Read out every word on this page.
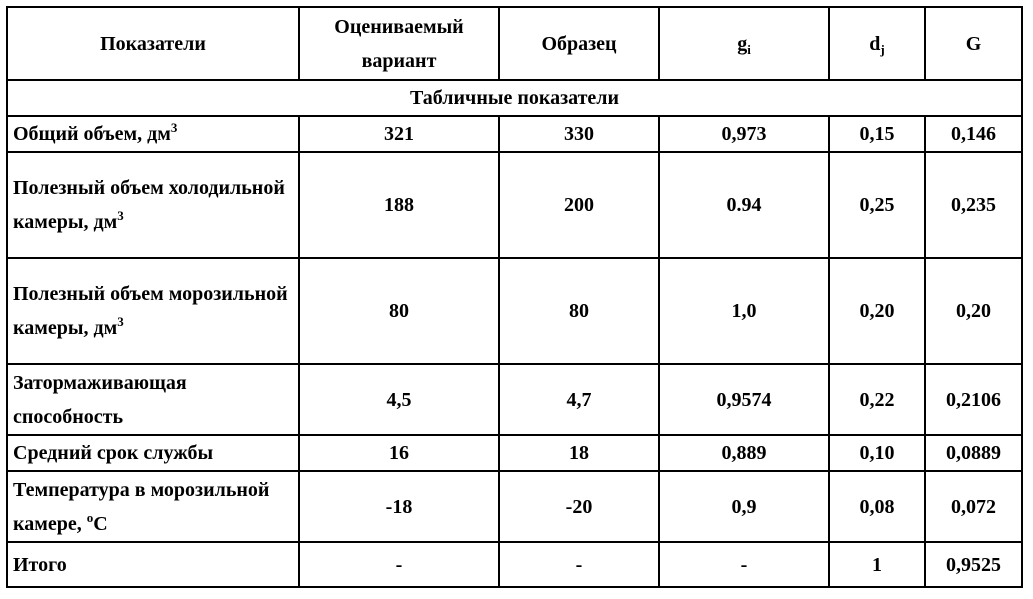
Показатели	Оцениваемый вариант	Образец	$g_i$	$d_j$	G
Табличные показатели					
Общий объем, $дм^3$	321	330	0,973	0,15	0,146
Полезный объем холодильной камеры, $дм^3$	188	200	0.94	0,25	0,235
Полезный объем морозильной камеры, $дм^3$	80	80	1,0	0,20	0,20
Затормаживающая способность	4,5	4,7	0,9574	0,22	0,2106
Средний срок службы	16	18	0,889	0,10	0,0889
Температура в морозильной камере, $^o$C	-18	-20	0,9	0,08	0,072
Итого	-	-	-	1	0,9525
